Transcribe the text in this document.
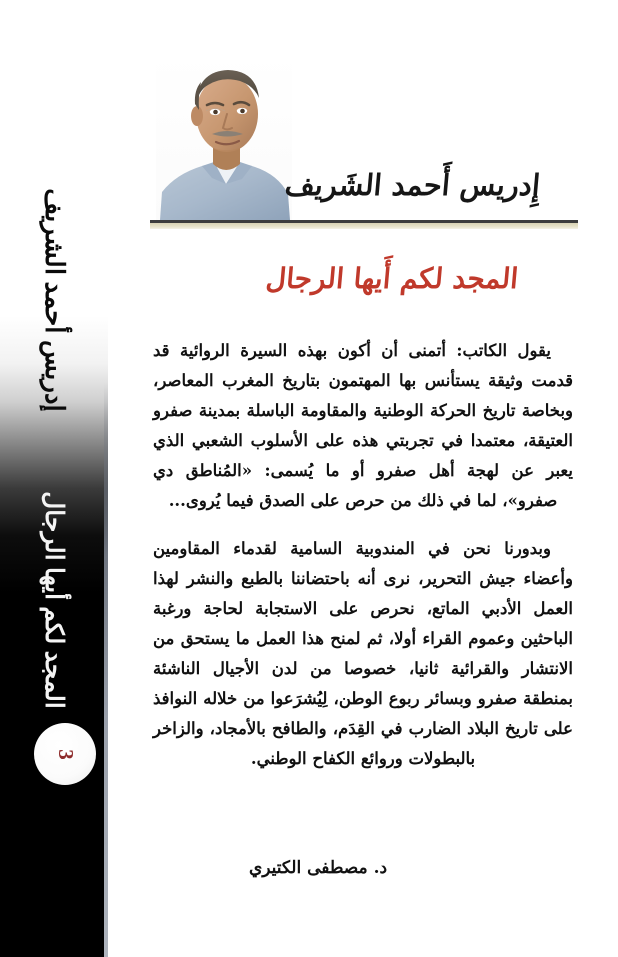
إدريس أحمد الشريف
المجد لكم أيها الرجال
3
إِدريس أَحمد الشَريف
المجد لكم أَيها الرجال

يقول الكاتب: أتمنى أن أكون بهذه السيرة الروائية قد قدمت وثيقة يستأنس بها المهتمون بتاريخ المغرب المعاصر، وبخاصة تاريخ الحركة الوطنية والمقاومة الباسلة بمدينة صفرو العتيقة، معتمدا في تجربتي هذه على الأسلوب الشعبي الذي يعبر عن لهجة أهل صفرو أو ما يُسمى: «المُناطق دي صفرو»، لما في ذلك من حرص على الصدق فيما يُروى...

وبدورنا نحن في المندوبية السامية لقدماء المقاومين وأعضاء جيش التحرير، نرى أنه باحتضاننا بالطبع والنشر لهذا العمل الأدبي الماتع، نحرص على الاستجابة لحاجة ورغبة الباحثين وعموم القراء أولا، ثم لمنح هذا العمل ما يستحق من الانتشار والقرائية ثانيا، خصوصا من لدن الأجيال الناشئة بمنطقة صفرو وبسائر ربوع الوطن، لِيُشرَعوا من خلاله النوافذ على تاريخ البلاد الضارب في القِدَم، والطافح بالأمجاد، والزاخر بالبطولات وروائع الكفاح الوطني.

د. مصطفى الكتيري
